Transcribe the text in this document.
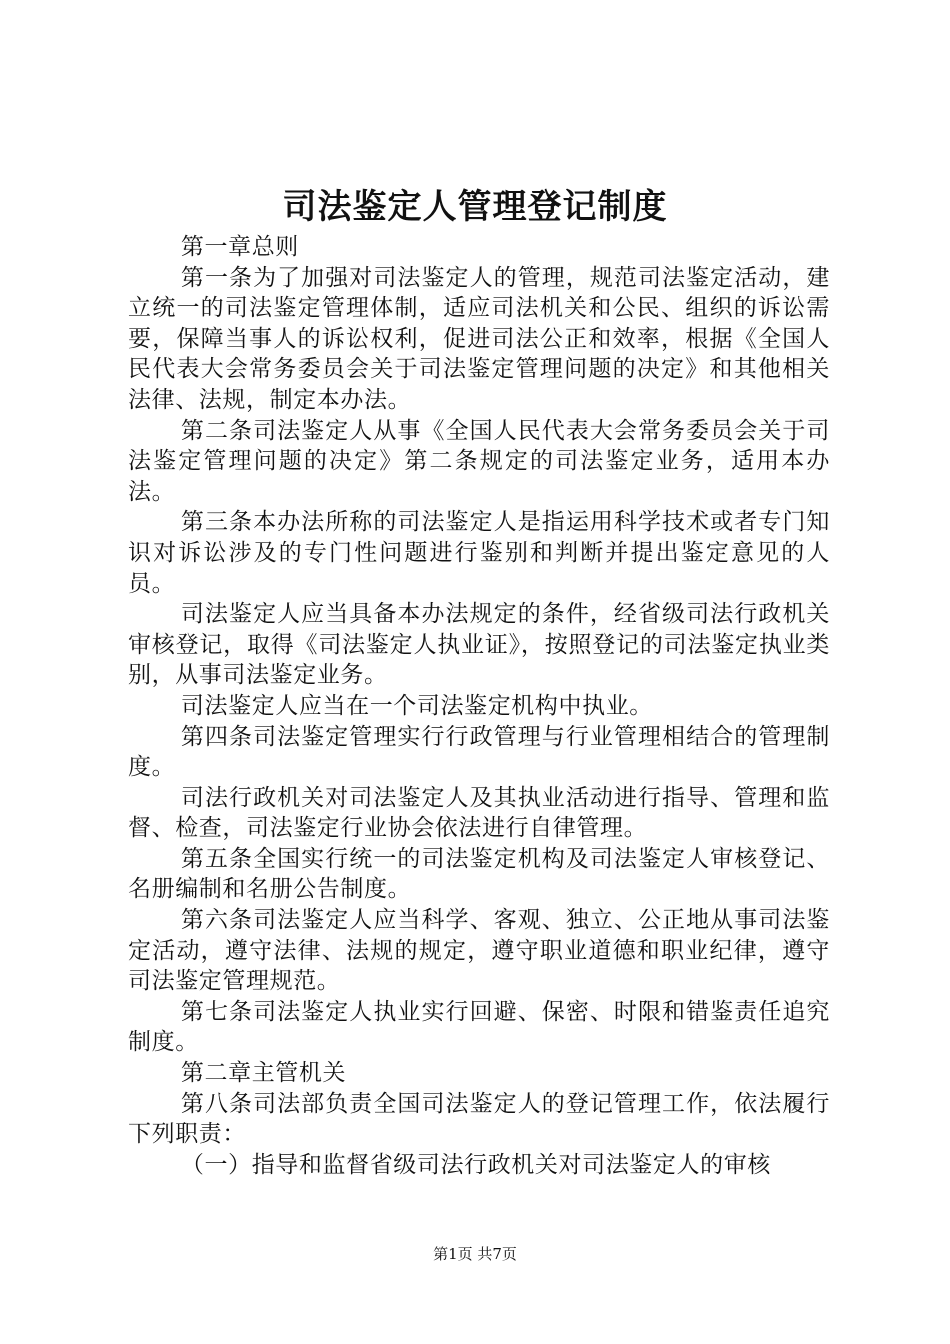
司法鉴定人管理登记制度

第一章总则

第一条为了加强对司法鉴定人的管理，规范司法鉴定活动，建立统一的司法鉴定管理体制，适应司法机关和公民、组织的诉讼需要，保障当事人的诉讼权利，促进司法公正和效率，根据《全国人民代表大会常务委员会关于司法鉴定管理问题的决定》和其他相关法律、法规，制定本办法。

第二条司法鉴定人从事《全国人民代表大会常务委员会关于司法鉴定管理问题的决定》第二条规定的司法鉴定业务，适用本办法。

第三条本办法所称的司法鉴定人是指运用科学技术或者专门知识对诉讼涉及的专门性问题进行鉴别和判断并提出鉴定意见的人员。

司法鉴定人应当具备本办法规定的条件，经省级司法行政机关审核登记，取得《司法鉴定人执业证》，按照登记的司法鉴定执业类别，从事司法鉴定业务。

司法鉴定人应当在一个司法鉴定机构中执业。

第四条司法鉴定管理实行行政管理与行业管理相结合的管理制度。

司法行政机关对司法鉴定人及其执业活动进行指导、管理和监督、检查，司法鉴定行业协会依法进行自律管理。

第五条全国实行统一的司法鉴定机构及司法鉴定人审核登记、名册编制和名册公告制度。

第六条司法鉴定人应当科学、客观、独立、公正地从事司法鉴定活动，遵守法律、法规的规定，遵守职业道德和职业纪律，遵守司法鉴定管理规范。

第七条司法鉴定人执业实行回避、保密、时限和错鉴责任追究制度。

第二章主管机关

第八条司法部负责全国司法鉴定人的登记管理工作，依法履行下列职责：

（一）指导和监督省级司法行政机关对司法鉴定人的审核

第1页 共7页
